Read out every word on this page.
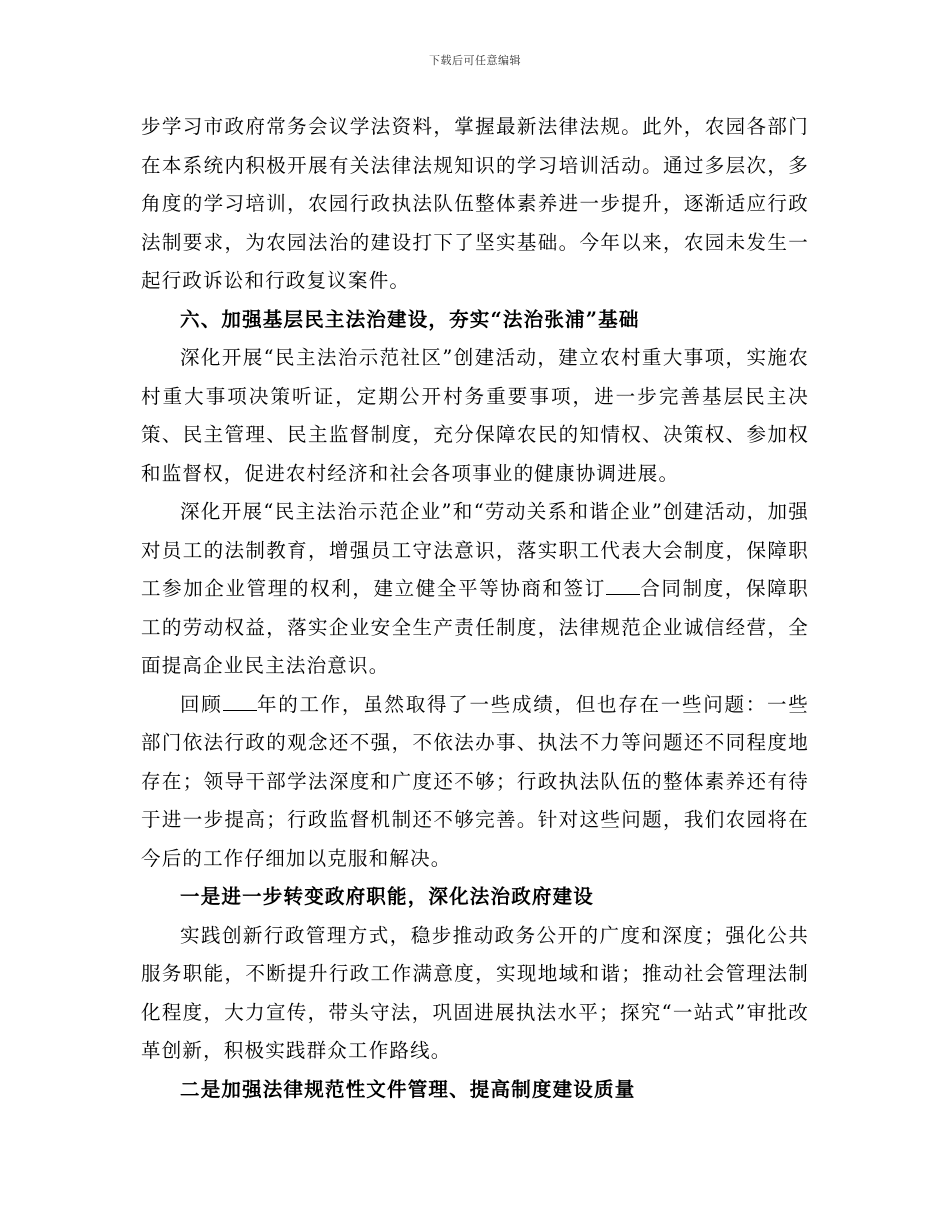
下载后可任意编辑

步学习市政府常务会议学法资料，掌握最新法律法规。此外，农园各部门在本系统内积极开展有关法律法规知识的学习培训活动。通过多层次，多角度的学习培训，农园行政执法队伍整体素养进一步提升，逐渐适应行政法制要求，为农园法治的建设打下了坚实基础。今年以来，农园未发生一起行政诉讼和行政复议案件。

六、加强基层民主法治建设，夯实“法治张浦”基础

深化开展“民主法治示范社区”创建活动，建立农村重大事项，实施农村重大事项决策听证，定期公开村务重要事项，进一步完善基层民主决策、民主管理、民主监督制度，充分保障农民的知情权、决策权、参加权和监督权，促进农村经济和社会各项事业的健康协调进展。

深化开展“民主法治示范企业”和“劳动关系和谐企业”创建活动，加强对员工的法制教育，增强员工守法意识，落实职工代表大会制度，保障职工参加企业管理的权利，建立健全平等协商和签订 合同制度，保障职工的劳动权益，落实企业安全生产责任制度，法律规范企业诚信经营，全面提高企业民主法治意识。

回顾 年的工作，虽然取得了一些成绩，但也存在一些问题：一些部门依法行政的观念还不强，不依法办事、执法不力等问题还不同程度地存在；领导干部学法深度和广度还不够；行政执法队伍的整体素养还有待于进一步提高；行政监督机制还不够完善。针对这些问题，我们农园将在今后的工作仔细加以克服和解决。

一是进一步转变政府职能，深化法治政府建设

实践创新行政管理方式，稳步推动政务公开的广度和深度；强化公共服务职能，不断提升行政工作满意度，实现地域和谐；推动社会管理法制化程度，大力宣传，带头守法，巩固进展执法水平；探究“一站式”审批改革创新，积极实践群众工作路线。

二是加强法律规范性文件管理、提高制度建设质量
